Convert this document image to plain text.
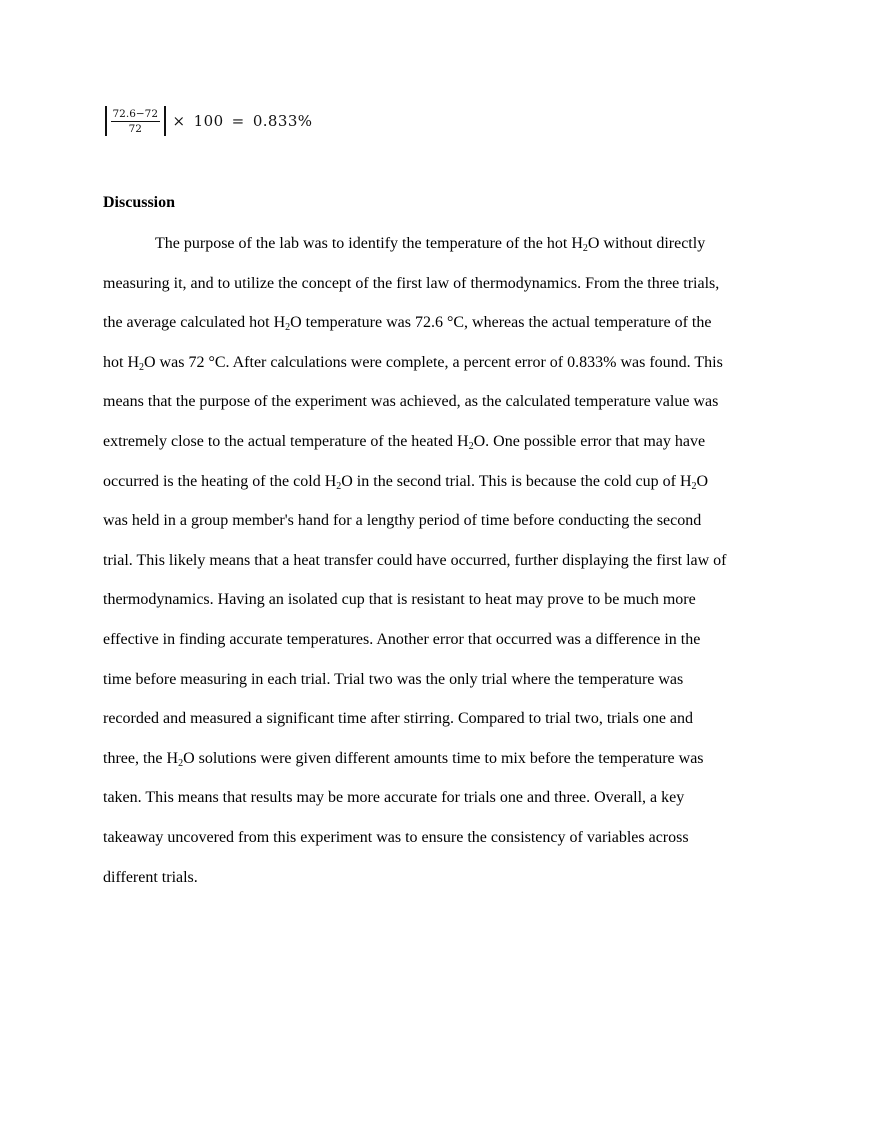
$\frac{72.6-72}{72} \times 100 = 0.833\%$
Discussion
The purpose of the lab was to identify the temperature of the hot $H_2O$ without directly
measuring it, and to utilize the concept of the first law of thermodynamics. From the three trials,
the average calculated hot $H_2O$ temperature was 72.6 °C, whereas the actual temperature of the
hot $H_2O$ was 72 °C. After calculations were complete, a percent error of 0.833% was found. This
means that the purpose of the experiment was achieved, as the calculated temperature value was
extremely close to the actual temperature of the heated $H_2O$. One possible error that may have
occurred is the heating of the cold $H_2O$ in the second trial. This is because the cold cup of $H_2O$
was held in a group member's hand for a lengthy period of time before conducting the second
trial. This likely means that a heat transfer could have occurred, further displaying the first law of
thermodynamics. Having an isolated cup that is resistant to heat may prove to be much more
effective in finding accurate temperatures. Another error that occurred was a difference in the
time before measuring in each trial. Trial two was the only trial where the temperature was
recorded and measured a significant time after stirring. Compared to trial two, trials one and
three, the $H_2O$ solutions were given different amounts time to mix before the temperature was
taken. This means that results may be more accurate for trials one and three. Overall, a key
takeaway uncovered from this experiment was to ensure the consistency of variables across
different trials.
